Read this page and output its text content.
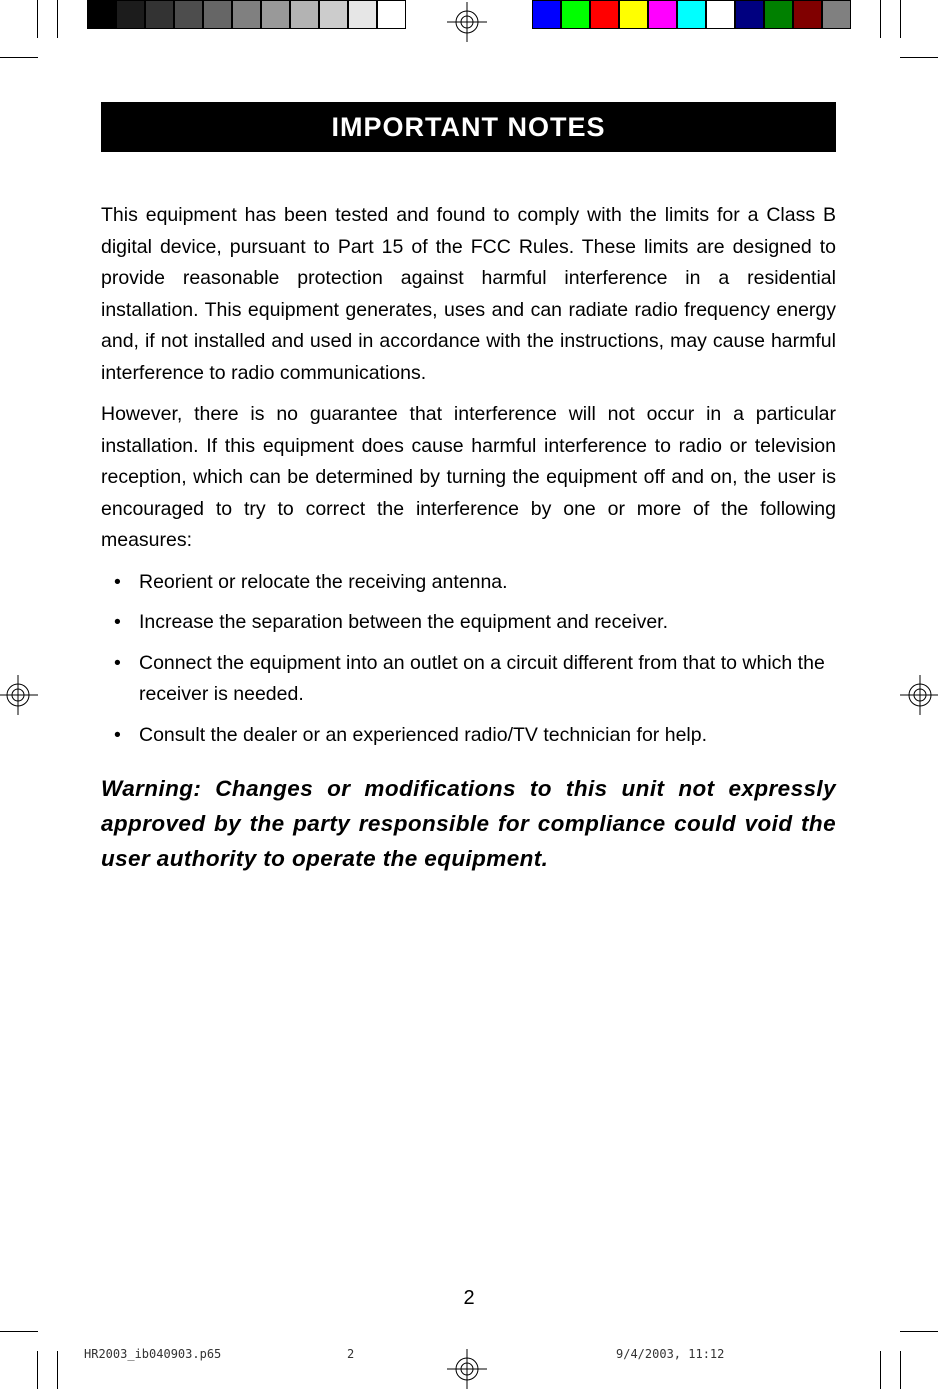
IMPORTANT NOTES

This equipment has been tested and found to comply with the limits for a Class B digital device, pursuant to Part 15 of the FCC Rules. These limits are designed to provide reasonable protection against harmful interference in a residential installation. This equipment generates, uses and can radiate radio frequency energy and, if not installed and used in accordance with the instructions, may cause harmful interference to radio communications.

However, there is no guarantee that interference will not occur in a particular installation. If this equipment does cause harmful interference to radio or television reception, which can be determined by turning the equipment off and on, the user is encouraged to try to correct the interference by one or more of the following measures:

• Reorient or relocate the receiving antenna.
• Increase the separation between the equipment and receiver.
• Connect the equipment into an outlet on a circuit different from that to which the receiver is needed.
• Consult the dealer or an experienced radio/TV technician for help.

Warning: Changes or modifications to this unit not expressly approved by the party responsible for compliance could void the user authority to operate the equipment.

2
HR2003_ib040903.p65	2	9/4/2003, 11:12
